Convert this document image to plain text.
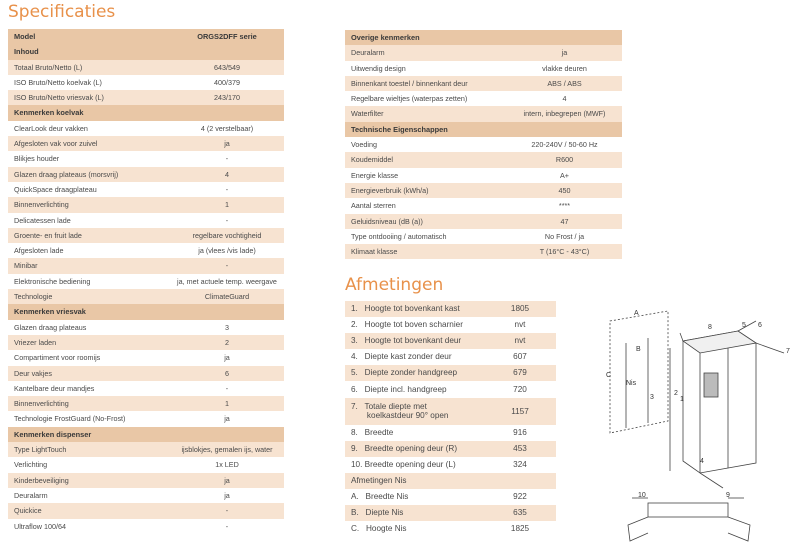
Specificaties
Model	ORGS2DFF serie
Inhoud	
Totaal Bruto/Netto (L)	643/549
ISO Bruto/Netto koelvak (L)	400/379
ISO Bruto/Netto vriesvak (L)	243/170
Kenmerken koelvak	
ClearLook deur vakken	4 (2 verstelbaar)
Afgesloten vak voor zuivel	ja
Blikjes houder	-
Glazen draag plateaus (morsvrij)	4
QuickSpace draagplateau	-
Binnenverlichting	1
Delicatessen lade	-
Groente- en fruit lade	regelbare vochtigheid
Afgesloten lade	ja (vlees /vis lade)
Minibar	-
Elektronische bediening	ja, met actuele temp. weergave
Technologie	ClimateGuard
Kenmerken vriesvak	
Glazen draag plateaus	3
Vriezer laden	2
Compartiment voor roomijs	ja
Deur vakjes	6
Kantelbare deur mandjes	-
Binnenverlichting	1
Technologie FrostGuard (No-Frost)	ja
Kenmerken dispenser	
Type LightTouch	ijsblokjes, gemalen ijs, water
Verlichting	1x LED
Kinderbeveiliging	ja
Deuralarm	ja
Quickice	-
Ultraflow 100/64	-
Overige kenmerken	
Deuralarm	ja
Uitwendig design	vlakke deuren
Binnenkant toestel / binnenkant deur	ABS / ABS
Regelbare wieltjes (waterpas zetten)	4
Waterfilter	intern, inbegrepen (MWF)
Technische Eigenschappen	
Voeding	220-240V / 50-60 Hz
Koudemiddel	R600
Energie klasse	A+
Energieverbruik (kWh/a)	450
Aantal sterren	****
Geluidsniveau (dB (a))	47
Type ontdooiing / automatisch	No Frost / ja
Klimaat klasse	T (16°C - 43°C)
Afmetingen
1.   Hoogte tot bovenkant kast	1805
2.   Hoogte tot boven scharnier	nvt
3.   Hoogte tot bovenkant deur	nvt
4.   Diepte kast zonder deur	607
5.   Diepte zonder handgreep	679
6.   Diepte incl. handgreep	720
7.   Totale diepte met
koelkastdeur 90° open	1157
8.   Breedte	916
9.   Breedte opening deur (R)	453
10. Breedte opening deur (L)	324
Afmetingen Nis	
A.   Breedte Nis	922
B.   Diepte Nis	635
C.   Hoogte Nis	1825
A
B
C
Nis
8	5 6
7
2
3	1
4
10	9
